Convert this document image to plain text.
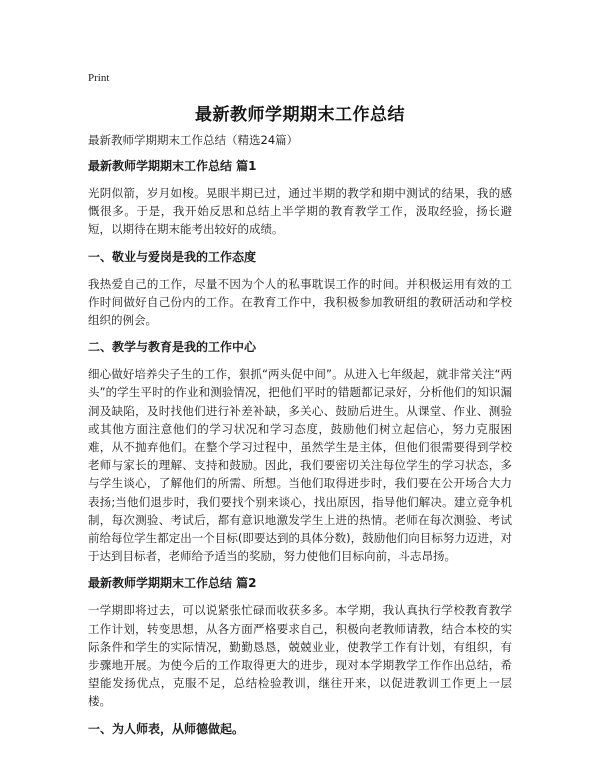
Print
最新教师学期期末工作总结

最新教师学期期末工作总结（精选24篇）

最新教师学期期末工作总结 篇1

光阴似箭，岁月如梭。晃眼半期已过，通过半期的教学和期中测试的结果，我的感慨很多。于是，我开始反思和总结上半学期的教育教学工作，汲取经验，扬长避短，以期待在期末能考出较好的成绩。

一、敬业与爱岗是我的工作态度

我热爱自己的工作，尽量不因为个人的私事耽误工作的时间。并积极运用有效的工作时间做好自己份内的工作。在教育工作中，我积极参加教研组的教研活动和学校组织的例会。

二、教学与教育是我的工作中心

细心做好培养尖子生的工作，狠抓“两头促中间”。从进入七年级起，就非常关注“两头”的学生平时的作业和测验情况，把他们平时的错题都记录好，分析他们的知识漏洞及缺陷，及时找他们进行补差补缺，多关心、鼓励后进生。从课堂、作业、测验或其他方面注意他们的学习状况和学习态度，鼓励他们树立起信心，努力克服困难，从不抛弃他们。在整个学习过程中，虽然学生是主体，但他们很需要得到学校老师与家长的理解、支持和鼓励。因此，我们要密切关注每位学生的学习状态，多与学生谈心，了解他们的所需、所想。当他们取得进步时，我们要在公开场合大力表扬;当他们退步时，我们要找个别来谈心，找出原因，指导他们解决。建立竞争机制，每次测验、考试后，都有意识地激发学生上进的热情。老师在每次测验、考试前给每位学生都定出一个目标(即要达到的具体分数)，鼓励他们向目标努力迈进，对于达到目标者，老师给予适当的奖励，努力使他们目标向前，斗志昂扬。

最新教师学期期末工作总结 篇2

一学期即将过去，可以说紧张忙碌而收获多多。本学期，我认真执行学校教育教学工作计划，转变思想，从各方面严格要求自己，积极向老教师请教，结合本校的实际条件和学生的实际情况，勤勤恳恳，兢兢业业，使教学工作有计划，有组织，有步骤地开展。为使今后的工作取得更大的进步，现对本学期教学工作作出总结，希望能发扬优点，克服不足，总结检验教训，继往开来，以促进教训工作更上一层楼。

一、为人师表，从师德做起。
